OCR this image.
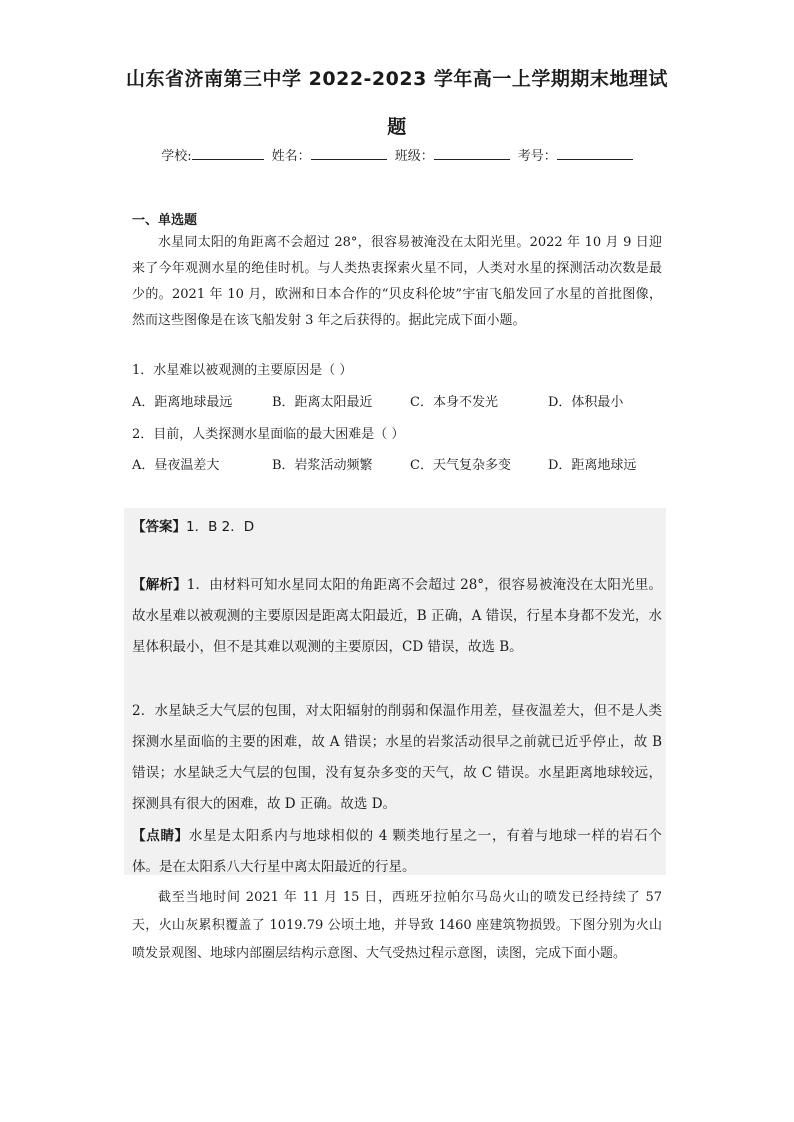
山东省济南第三中学 2022-2023 学年高一上学期期末地理试
题
学校:	姓名：	班级：	考号：
一、单选题

水星同太阳的角距离不会超过 28°，很容易被淹没在太阳光里。2022 年 10 月 9 日迎来了今年观测水星的绝佳时机。与人类热衷探索火星不同，人类对水星的探测活动次数是最少的。2021 年 10 月，欧洲和日本合作的“贝皮科伦坡”宇宙飞船发回了水星的首批图像，然而这些图像是在该飞船发射 3 年之后获得的。据此完成下面小题。

1．水星难以被观测的主要原因是（ ）
A．距离地球最远	B．距离太阳最近	C．本身不发光	D．体积最小
2．目前，人类探测水星面临的最大困难是（ ）
A．昼夜温差大	B．岩浆活动频繁	C．天气复杂多变	D．距离地球远
【答案】1．B 2．D

【解析】1．由材料可知水星同太阳的角距离不会超过 28°，很容易被淹没在太阳光里。故水星难以被观测的主要原因是距离太阳最近，B 正确，A 错误，行星本身都不发光，水星体积最小，但不是其难以观测的主要原因，CD 错误，故选 B。

2．水星缺乏大气层的包围，对太阳辐射的削弱和保温作用差，昼夜温差大，但不是人类探测水星面临的主要的困难，故 A 错误；水星的岩浆活动很早之前就已近乎停止，故 B 错误；水星缺乏大气层的包围，没有复杂多变的天气，故 C 错误。水星距离地球较远，探测具有很大的困难，故 D 正确。故选 D。

【点睛】水星是太阳系内与地球相似的 4 颗类地行星之一，有着与地球一样的岩石个体。是在太阳系八大行星中离太阳最近的行星。

截至当地时间 2021 年 11 月 15 日，西班牙拉帕尔马岛火山的喷发已经持续了 57 天，火山灰累积覆盖了 1019.79 公顷土地，并导致 1460 座建筑物损毁。下图分别为火山喷发景观图、地球内部圈层结构示意图、大气受热过程示意图，读图，完成下面小题。
